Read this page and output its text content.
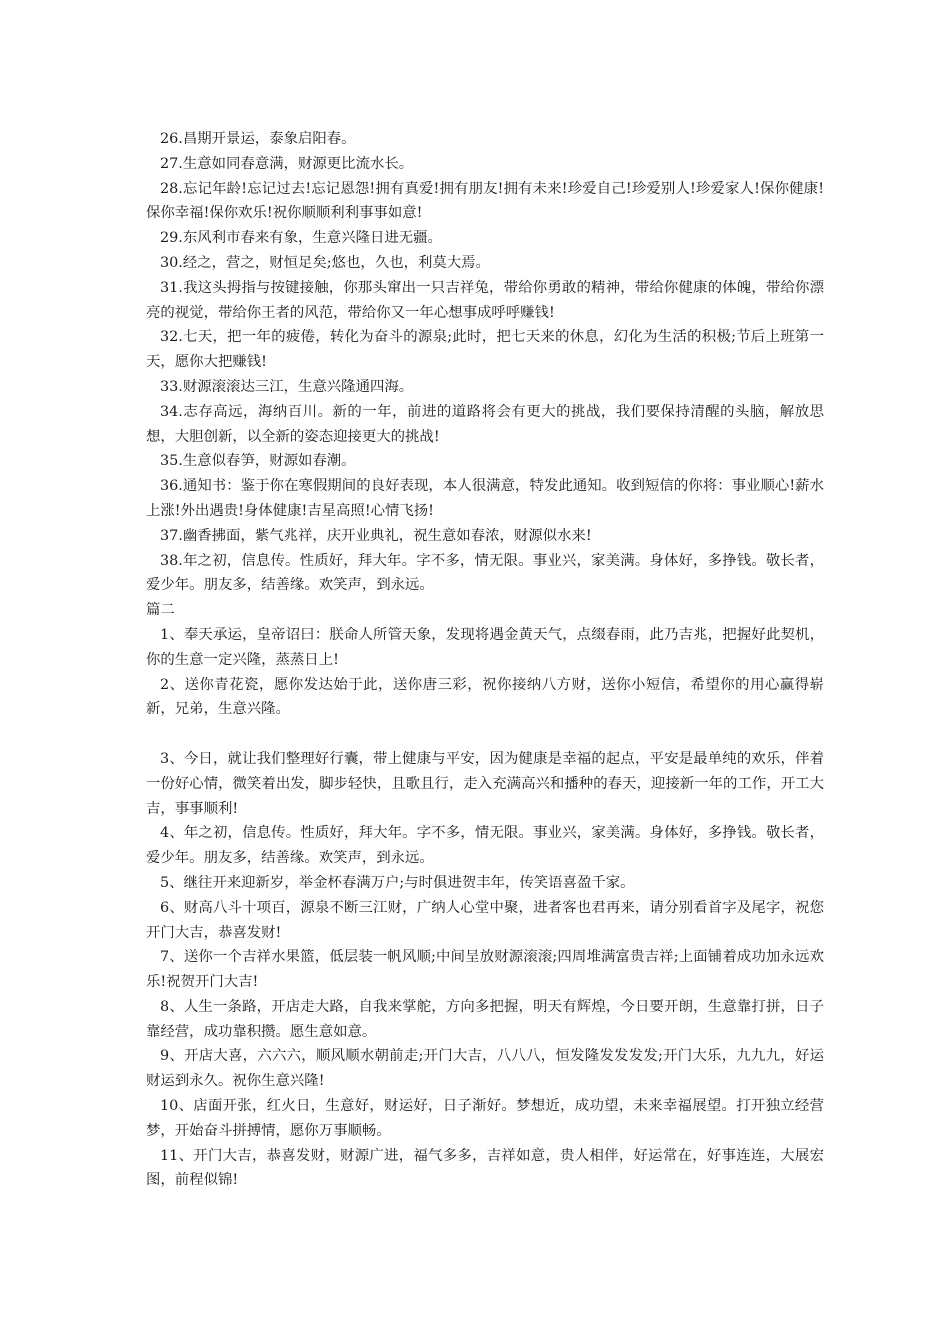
26.昌期开景运，泰象启阳春。

27.生意如同春意满，财源更比流水长。

28.忘记年龄!忘记过去!忘记恩怨!拥有真爱!拥有朋友!拥有未来!珍爱自己!珍爱别人!珍爱家人!保你健康!保你幸福!保你欢乐!祝你顺顺利利事事如意!

29.东风利市春来有象，生意兴隆日进无疆。

30.经之，营之，财恒足矣;悠也，久也，利莫大焉。

31.我这头拇指与按键接触，你那头窜出一只吉祥兔，带给你勇敢的精神，带给你健康的体魄，带给你漂亮的视觉，带给你王者的风范，带给你又一年心想事成呼呼赚钱!

32.七天，把一年的疲倦，转化为奋斗的源泉;此时，把七天来的休息，幻化为生活的积极;节后上班第一天，愿你大把赚钱!

33.财源滚滚达三江，生意兴隆通四海。

34.志存高远，海纳百川。新的一年，前进的道路将会有更大的挑战，我们要保持清醒的头脑，解放思想，大胆创新，以全新的姿态迎接更大的挑战!

35.生意似春笋，财源如春潮。

36.通知书：鉴于你在寒假期间的良好表现，本人很满意，特发此通知。收到短信的你将：事业顺心!薪水上涨!外出遇贵!身体健康!吉星高照!心情飞扬!

37.幽香拂面，紫气兆祥，庆开业典礼，祝生意如春浓，财源似水来!

38.年之初，信息传。性质好，拜大年。字不多，情无限。事业兴，家美满。身体好，多挣钱。敬长者，爱少年。朋友多，结善缘。欢笑声，到永远。

篇二

1、奉天承运，皇帝诏曰：朕命人所管天象，发现将遇金黄天气，点缀春雨，此乃吉兆，把握好此契机，你的生意一定兴隆，蒸蒸日上!

2、送你青花瓷，愿你发达始于此，送你唐三彩，祝你接纳八方财，送你小短信，希望你的用心赢得崭新，兄弟，生意兴隆。

3、今日，就让我们整理好行囊，带上健康与平安，因为健康是幸福的起点，平安是最单纯的欢乐，伴着一份好心情，微笑着出发，脚步轻快，且歌且行，走入充满高兴和播种的春天，迎接新一年的工作，开工大吉，事事顺利!

4、年之初，信息传。性质好，拜大年。字不多，情无限。事业兴，家美满。身体好，多挣钱。敬长者，爱少年。朋友多，结善缘。欢笑声，到永远。

5、继往开来迎新岁，举金杯春满万户;与时俱进贺丰年，传笑语喜盈千家。

6、财高八斗十项百，源泉不断三江财，广纳人心堂中聚，进者客也君再来，请分别看首字及尾字，祝您开门大吉，恭喜发财!

7、送你一个吉祥水果篮，低层装一帆风顺;中间呈放财源滚滚;四周堆满富贵吉祥;上面铺着成功加永远欢乐!祝贺开门大吉!

8、人生一条路，开店走大路，自我来掌舵，方向多把握，明天有辉煌，今日要开朗，生意靠打拼，日子靠经营，成功靠积攒。愿生意如意。

9、开店大喜，六六六，顺风顺水朝前走;开门大吉，八八八，恒发隆发发发发;开门大乐，九九九，好运财运到永久。祝你生意兴隆!

10、店面开张，红火日，生意好，财运好，日子渐好。梦想近，成功望，未来幸福展望。打开独立经营梦，开始奋斗拼搏情，愿你万事顺畅。

11、开门大吉，恭喜发财，财源广进，福气多多，吉祥如意，贵人相伴，好运常在，好事连连，大展宏图，前程似锦!
